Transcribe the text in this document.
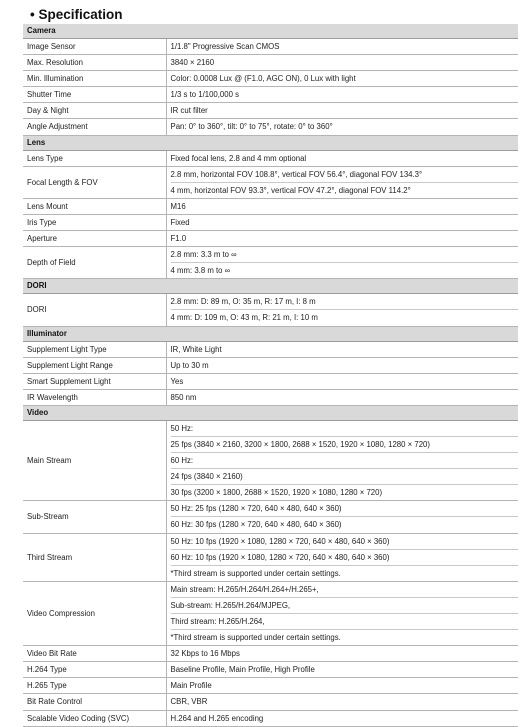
• Specification
Camera	
Image Sensor	1/1.8" Progressive Scan CMOS
Max. Resolution	3840 × 2160
Min. Illumination	Color: 0.0008 Lux @ (F1.0, AGC ON), 0 Lux with light
Shutter Time	1/3 s to 1/100,000 s
Day & Night	IR cut filter
Angle Adjustment	Pan: 0° to 360°, tilt: 0° to 75°, rotate: 0° to 360°
Lens	
Lens Type	Fixed focal lens, 2.8 and 4 mm optional
Focal Length & FOV	2.8 mm, horizontal FOV 108.8°, vertical FOV 56.4°, diagonal FOV 134.3°
4 mm, horizontal FOV 93.3°, vertical FOV 47.2°, diagonal FOV 114.2°

Lens Mount	M16
Iris Type	Fixed
Aperture	F1.0
Depth of Field	2.8 mm: 3.3 m to ∞
4 mm: 3.8 m to ∞

DORI	
DORI	2.8 mm: D: 89 m, O: 35 m, R: 17 m, I: 8 m
4 mm: D: 109 m, O: 43 m, R: 21 m, I: 10 m

Illuminator	
Supplement Light Type	IR, White Light
Supplement Light Range	Up to 30 m
Smart Supplement Light	Yes
IR Wavelength	850 nm
Video	
Main Stream	50 Hz:
25 fps (3840 × 2160, 3200 × 1800, 2688 × 1520, 1920 × 1080, 1280 × 720)
60 Hz:
24 fps (3840 × 2160)
30 fps (3200 × 1800, 2688 × 1520, 1920 × 1080, 1280 × 720)

Sub-Stream	50 Hz: 25 fps (1280 × 720, 640 × 480, 640 × 360)
60 Hz: 30 fps (1280 × 720, 640 × 480, 640 × 360)

Third Stream	50 Hz: 10 fps (1920 × 1080, 1280 × 720, 640 × 480, 640 × 360)
60 Hz: 10 fps (1920 × 1080, 1280 × 720, 640 × 480, 640 × 360)
*Third stream is supported under certain settings.

Video Compression	Main stream: H.265/H.264/H.264+/H.265+,
Sub-stream: H.265/H.264/MJPEG,
Third stream: H.265/H.264,
*Third stream is supported under certain settings.

Video Bit Rate	32 Kbps to 16 Mbps
H.264 Type	Baseline Profile, Main Profile, High Profile
H.265 Type	Main Profile
Bit Rate Control	CBR, VBR
Scalable Video Coding (SVC)	H.264 and H.265 encoding
